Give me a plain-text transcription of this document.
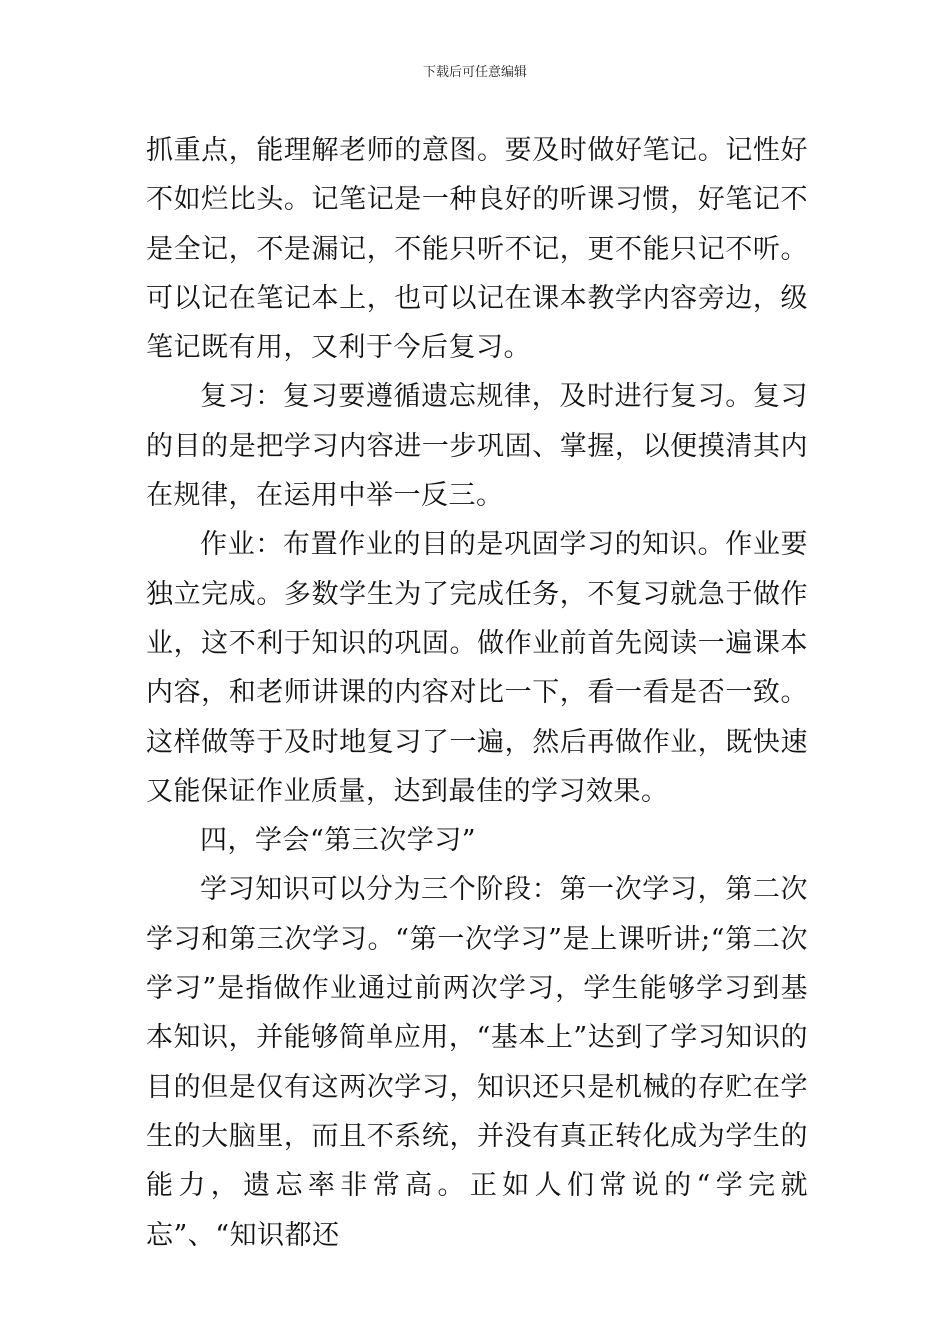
下载后可任意编辑

抓重点，能理解老师的意图。要及时做好笔记。记性好不如烂比头。记笔记是一种良好的听课习惯，好笔记不是全记，不是漏记，不能只听不记，更不能只记不听。可以记在笔记本上，也可以记在课本教学内容旁边，级笔记既有用，又利于今后复习。

复习：复习要遵循遗忘规律，及时进行复习。复习的目的是把学习内容进一步巩固、掌握，以便摸清其内在规律，在运用中举一反三。

作业：布置作业的目的是巩固学习的知识。作业要独立完成。多数学生为了完成任务，不复习就急于做作业，这不利于知识的巩固。做作业前首先阅读一遍课本内容，和老师讲课的内容对比一下，看一看是否一致。这样做等于及时地复习了一遍，然后再做作业，既快速又能保证作业质量，达到最佳的学习效果。

四，学会“第三次学习”

学习知识可以分为三个阶段：第一次学习，第二次学习和第三次学习。“第一次学习”是上课听讲;“第二次学习”是指做作业通过前两次学习，学生能够学习到基本知识，并能够简单应用，“基本上”达到了学习知识的目的但是仅有这两次学习，知识还只是机械的存贮在学生的大脑里，而且不系统，并没有真正转化成为学生的能力，遗忘率非常高。正如人们常说的“学完就忘”、“知识都还
